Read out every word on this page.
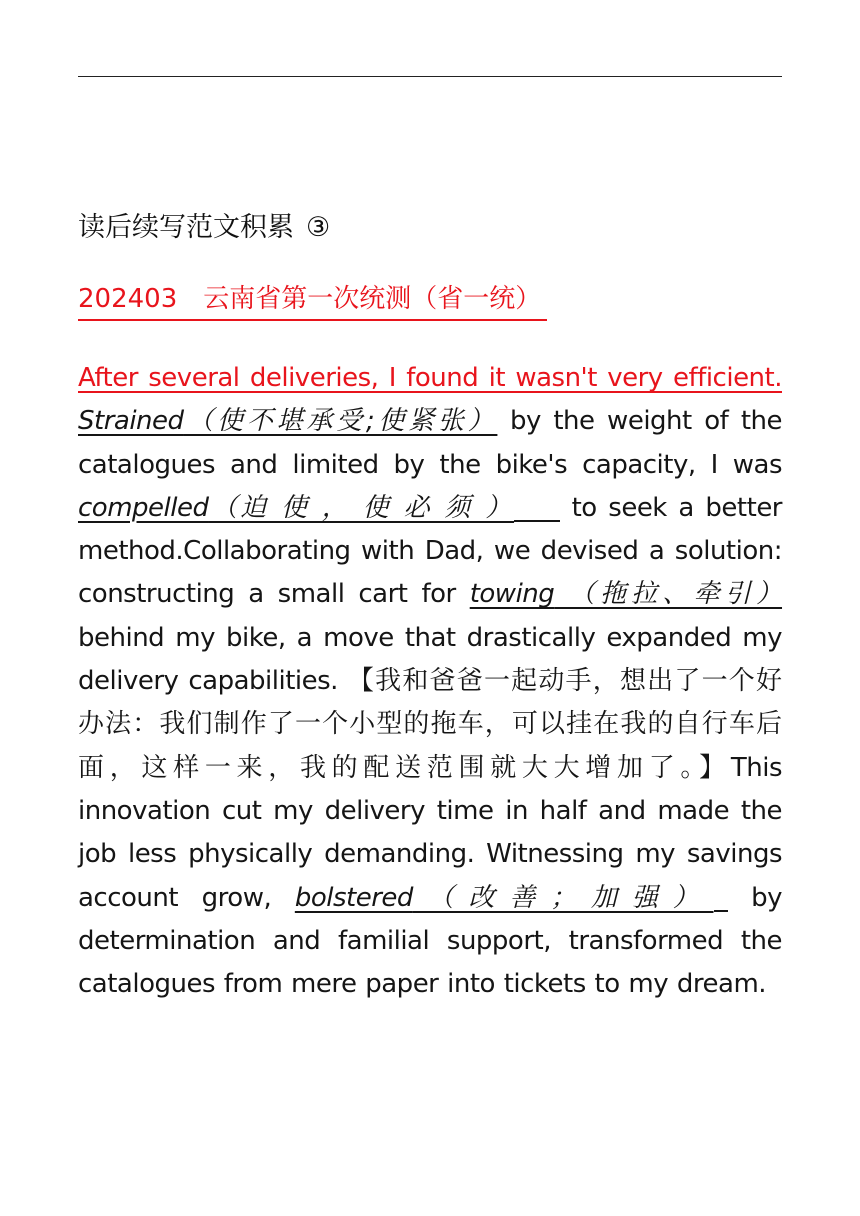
读后续写范文积累 ③
202403 云南省第一次统测（省一统）
After several deliveries, I found it wasn't very efficient. Strained（使不堪承受;使紧张） by the weight of the catalogues and limited by the bike's capacity, I was compelled（迫 使 ， 使 必 须 ） to seek a better method.Collaborating with Dad, we devised a solution: constructing a small cart for towing （拖拉、牵引） behind my bike, a move that drastically expanded my delivery capabilities. 【我和爸爸一起动手，想出了一个好办法：我们制作了一个小型的拖车，可以挂在我的自行车后面，这样一来，我的配送范围就大大增加了。】This innovation cut my delivery time in half and made the job less physically demanding. Witnessing my savings account grow, bolstered（改善；加强） by determination and familial support, transformed the catalogues from mere paper into tickets to my dream.
